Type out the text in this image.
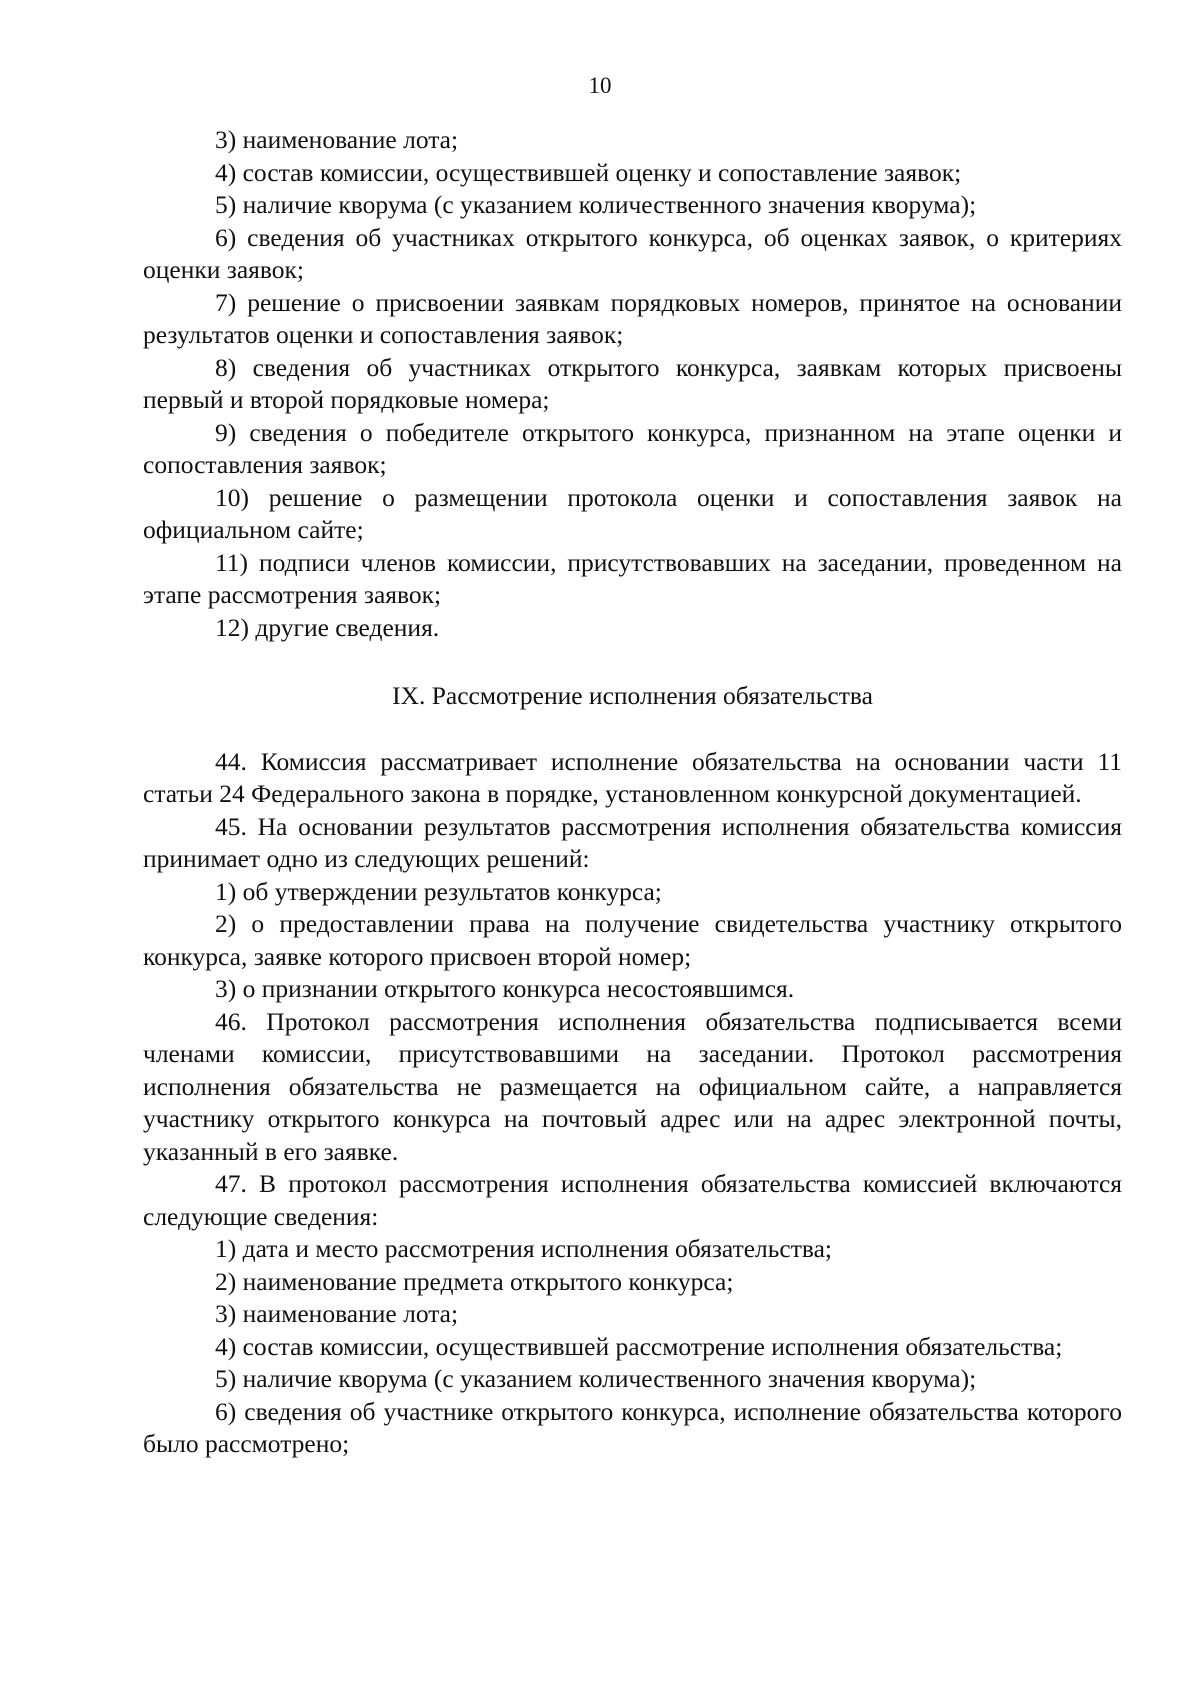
10

3) наименование лота;

4) состав комиссии, осуществившей оценку и сопоставление заявок;

5) наличие кворума (с указанием количественного значения кворума);

6) сведения об участниках открытого конкурса, об оценках заявок, о критериях оценки заявок;

7) решение о присвоении заявкам порядковых номеров, принятое на основании результатов оценки и сопоставления заявок;

8) сведения об участниках открытого конкурса, заявкам которых присвоены первый и второй порядковые номера;

9) сведения о победителе открытого конкурса, признанном на этапе оценки и сопоставления заявок;

10) решение о размещении протокола оценки и сопоставления заявок на официальном сайте;

11) подписи членов комиссии, присутствовавших на заседании, проведенном на этапе рассмотрения заявок;

12) другие сведения.

IX. Рассмотрение исполнения обязательства

44. Комиссия рассматривает исполнение обязательства на основании части 11 статьи 24 Федерального закона в порядке, установленном конкурсной документацией.

45. На основании результатов рассмотрения исполнения обязательства комиссия принимает одно из следующих решений:

1) об утверждении результатов конкурса;

2) о предоставлении права на получение свидетельства участнику открытого конкурса, заявке которого присвоен второй номер;

3) о признании открытого конкурса несостоявшимся.

46. Протокол рассмотрения исполнения обязательства подписывается всеми членами комиссии, присутствовавшими на заседании. Протокол рассмотрения исполнения обязательства не размещается на официальном сайте, а направляется участнику открытого конкурса на почтовый адрес или на адрес электронной почты, указанный в его заявке.

47. В протокол рассмотрения исполнения обязательства комиссией включаются следующие сведения:

1) дата и место рассмотрения исполнения обязательства;

2) наименование предмета открытого конкурса;

3) наименование лота;

4) состав комиссии, осуществившей рассмотрение исполнения обязательства;

5) наличие кворума (с указанием количественного значения кворума);

6) сведения об участнике открытого конкурса, исполнение обязательства которого было рассмотрено;
